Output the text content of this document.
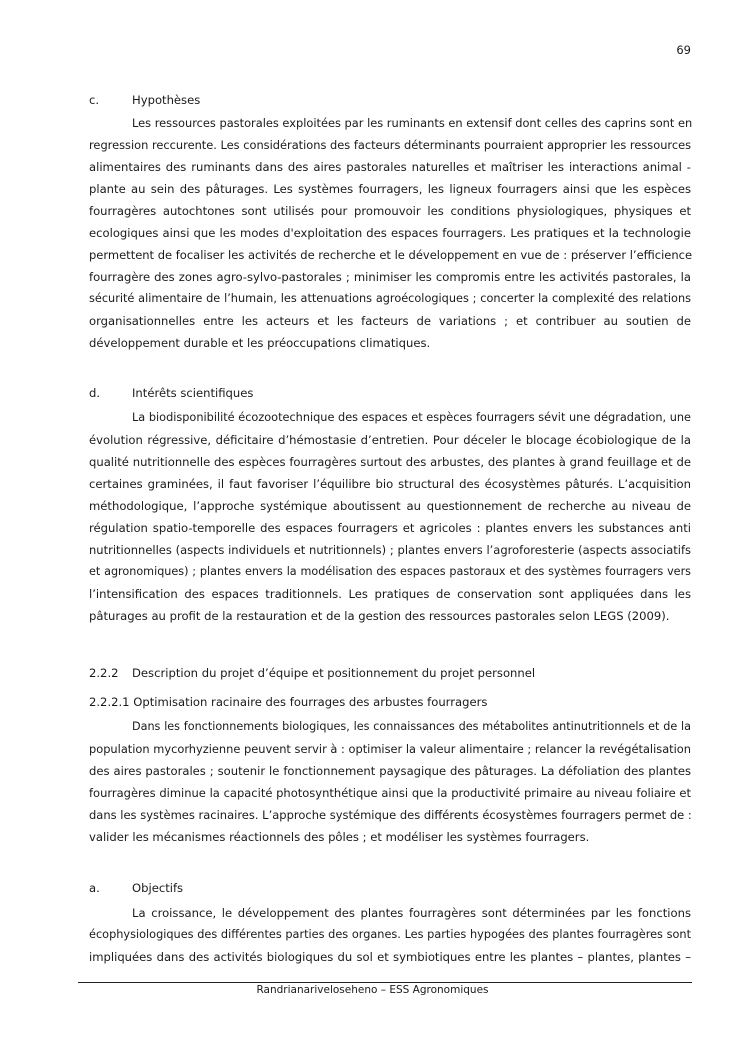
69
c.	Hypothèses
Les ressources pastorales exploitées par les ruminants en extensif dont celles des caprins sont en
regression reccurente. Les considérations des facteurs déterminants pourraient approprier les ressources
alimentaires des ruminants dans des aires pastorales naturelles et maîtriser les interactions animal -
plante au sein des pâturages. Les systèmes fourragers, les ligneux fourragers ainsi que les espèces
fourragères autochtones sont utilisés pour promouvoir les conditions physiologiques, physiques et
ecologiques ainsi que les modes d'exploitation des espaces fourragers. Les pratiques et la technologie
permettent de focaliser les activités de recherche et le développement en vue de : préserver l’efficience
fourragère des zones agro-sylvo-pastorales ; minimiser les compromis entre les activités pastorales, la
sécurité alimentaire de l’humain, les attenuations agroécologiques ; concerter la complexité des relations
organisationnelles entre les acteurs et les facteurs de variations ; et contribuer au soutien de
développement durable et les préoccupations climatiques.
d.	Intérêts scientifiques
La biodisponibilité écozootechnique des espaces et espèces fourragers sévit une dégradation, une
évolution régressive, déficitaire d’hémostasie d’entretien. Pour déceler le blocage écobiologique de la
qualité nutritionnelle des espèces fourragères surtout des arbustes, des plantes à grand feuillage et de
certaines graminées, il faut favoriser l’équilibre bio structural des écosystèmes pâturés. L’acquisition
méthodologique, l’approche systémique aboutissent au questionnement de recherche au niveau de
régulation spatio-temporelle des espaces fourragers et agricoles : plantes envers les substances anti
nutritionnelles (aspects individuels et nutritionnels) ; plantes envers l’agroforesterie (aspects associatifs
et agronomiques) ; plantes envers la modélisation des espaces pastoraux et des systèmes fourragers vers
l’intensification des espaces traditionnels. Les pratiques de conservation sont appliquées dans les
pâturages au profit de la restauration et de la gestion des ressources pastorales selon LEGS (2009).
2.2.2 Description du projet d’équipe et positionnement du projet personnel
2.2.2.1 Optimisation racinaire des fourrages des arbustes fourragers
Dans les fonctionnements biologiques, les connaissances des métabolites antinutritionnels et de la
population mycorhyzienne peuvent servir à : optimiser la valeur alimentaire ; relancer la revégétalisation
des aires pastorales ; soutenir le fonctionnement paysagique des pâturages. La défoliation des plantes
fourragères diminue la capacité photosynthétique ainsi que la productivité primaire au niveau foliaire et
dans les systèmes racinaires. L’approche systémique des différents écosystèmes fourragers permet de :
valider les mécanismes réactionnels des pôles ; et modéliser les systèmes fourragers.
a.	Objectifs
La croissance, le développement des plantes fourragères sont déterminées par les fonctions
écophysiologiques des différentes parties des organes. Les parties hypogées des plantes fourragères sont
impliquées dans des activités biologiques du sol et symbiotiques entre les plantes – plantes, plantes –
Randrianariveloseheno – ESS Agronomiques
